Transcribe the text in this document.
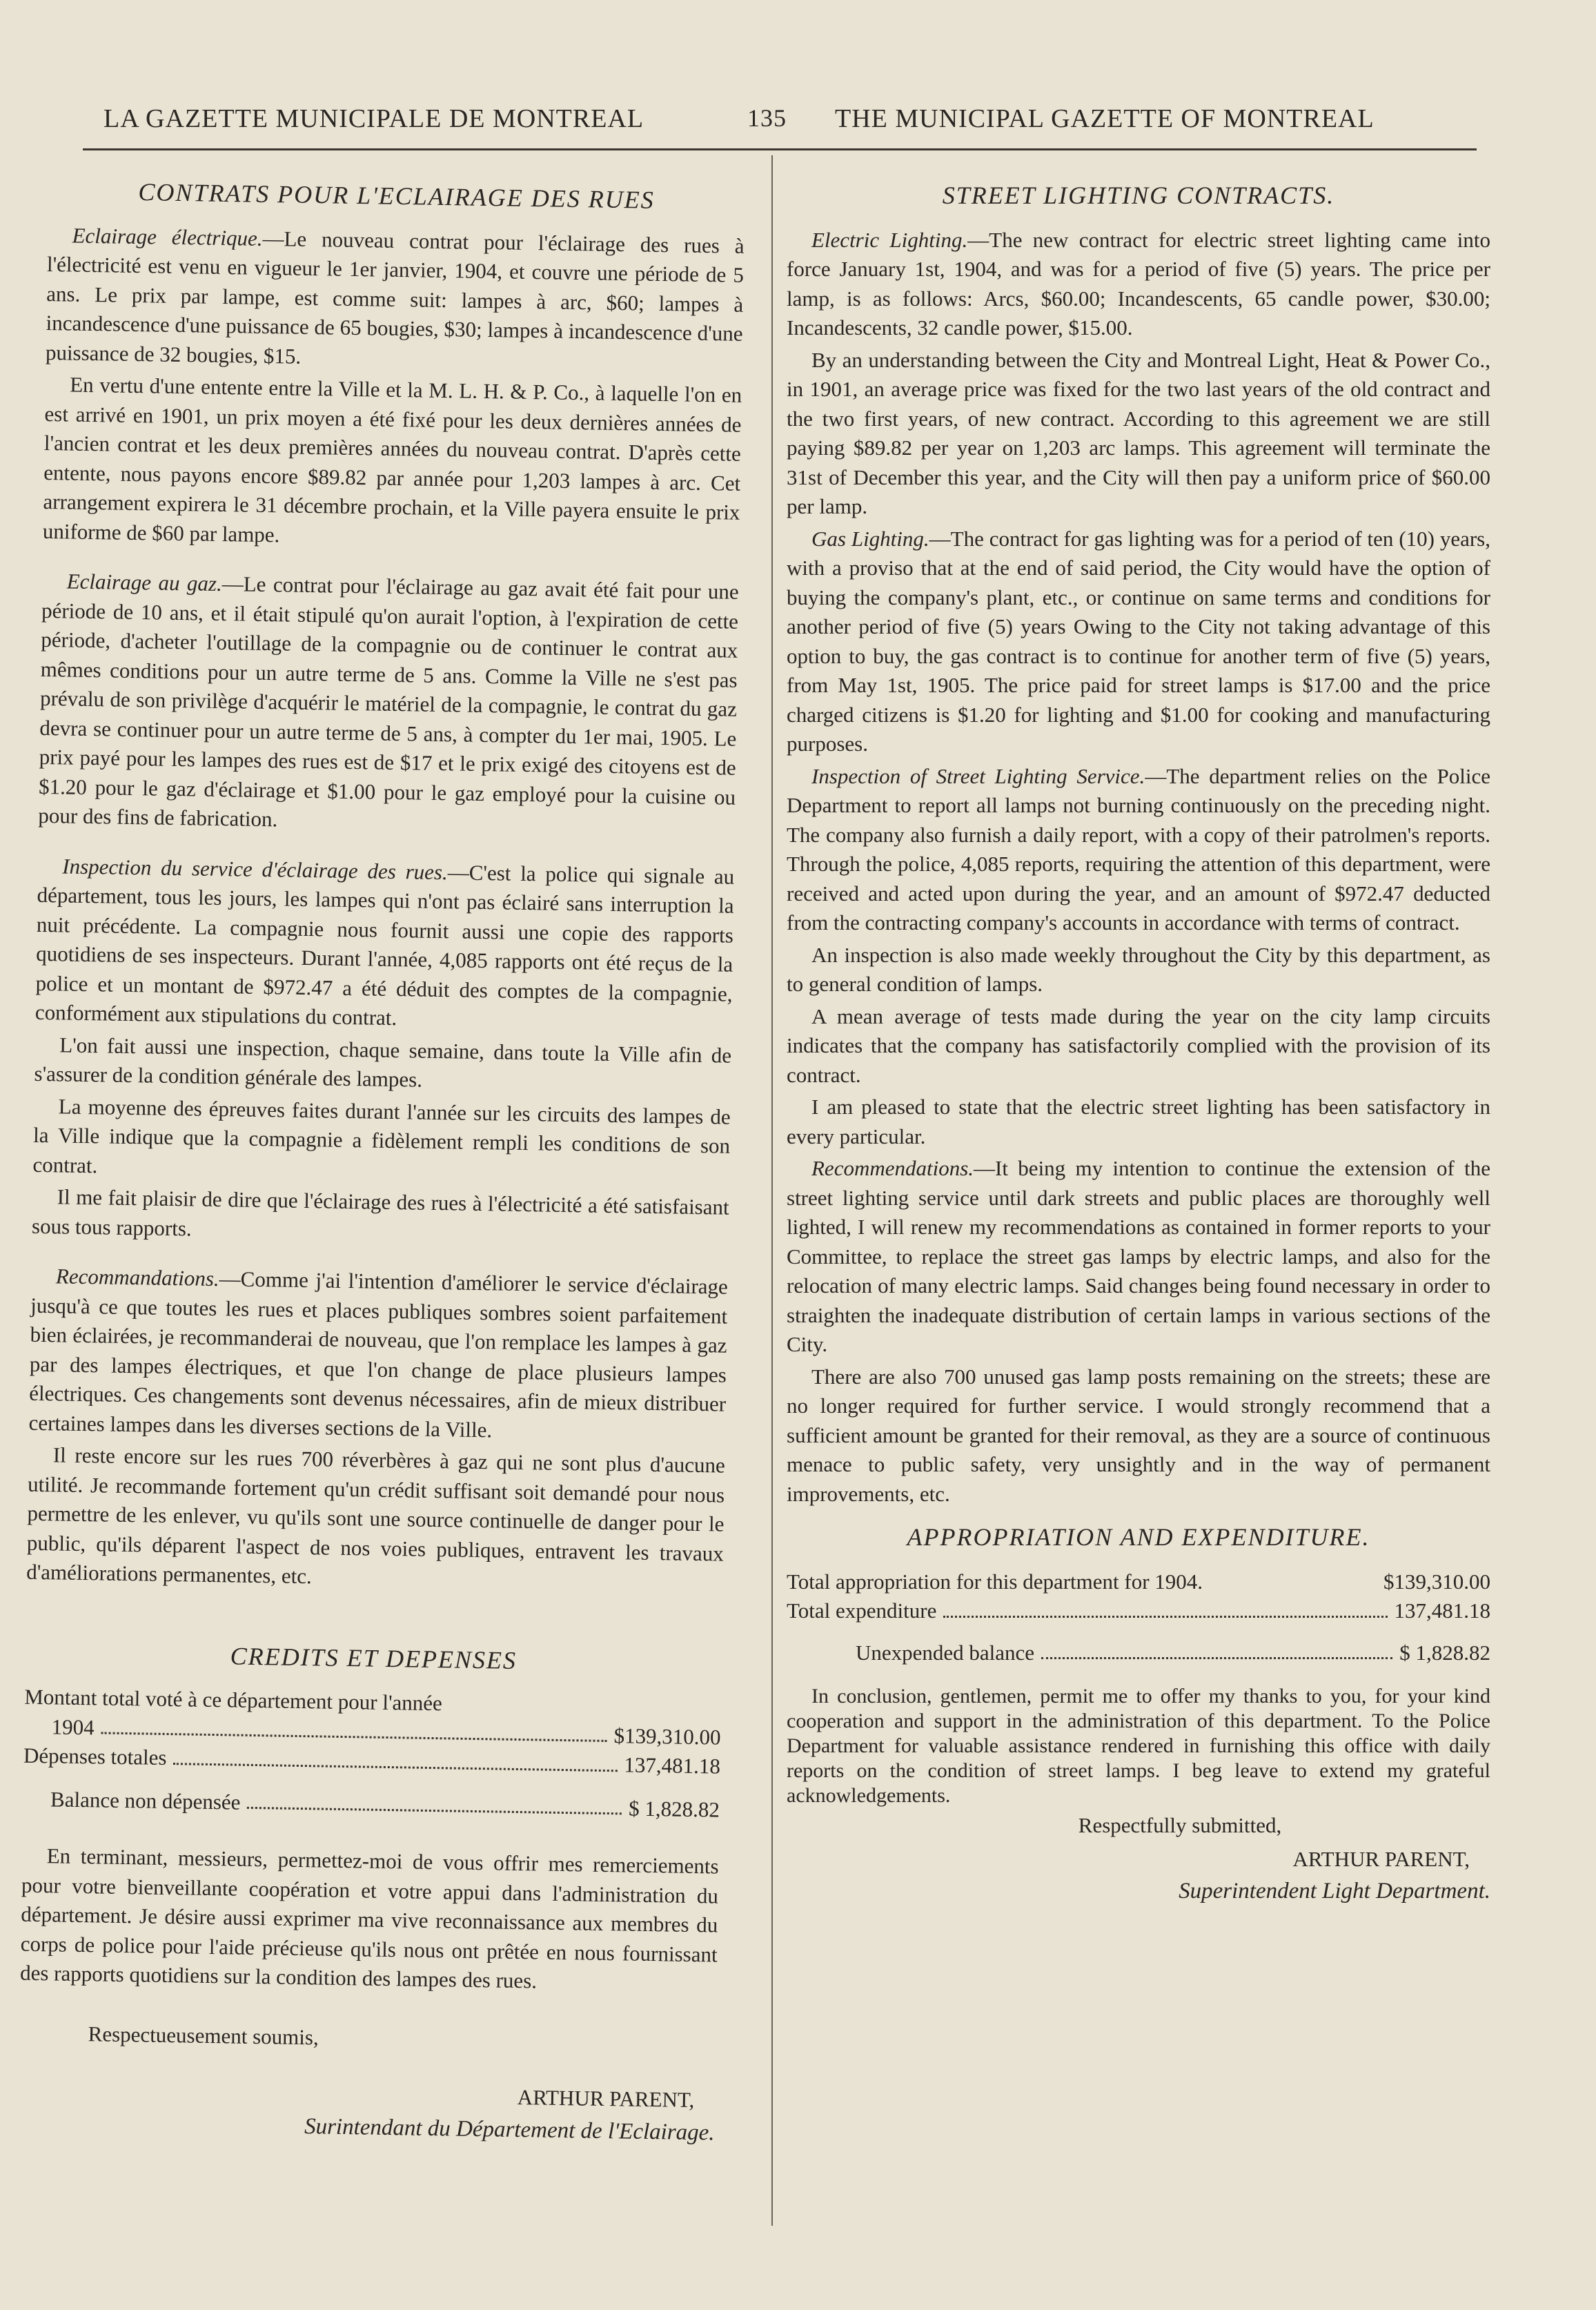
LA GAZETTE MUNICIPALE DE MONTREAL	135 THE MUNICIPAL GAZETTE OF MONTREAL
CONTRATS POUR L'ECLAIRAGE DES RUES

Eclairage électrique.—Le nouveau contrat pour l'éclairage des rues à l'électricité est venu en vigueur le 1er janvier, 1904, et couvre une période de 5 ans. Le prix par lampe, est comme suit: lampes à arc, $60; lampes à incandescence d'une puissance de 65 bougies, $30; lampes à incandescence d'une puissance de 32 bougies, $15.

En vertu d'une entente entre la Ville et la M. L. H. & P. Co., à laquelle l'on en est arrivé en 1901, un prix moyen a été fixé pour les deux dernières années de l'ancien contrat et les deux premières années du nouveau contrat. D'après cette entente, nous payons encore $89.82 par année pour 1,203 lampes à arc. Cet arrangement expirera le 31 décembre prochain, et la Ville payera ensuite le prix uniforme de $60 par lampe.

Eclairage au gaz.—Le contrat pour l'éclairage au gaz avait été fait pour une période de 10 ans, et il était stipulé qu'on aurait l'option, à l'expiration de cette période, d'acheter l'outillage de la compagnie ou de continuer le contrat aux mêmes conditions pour un autre terme de 5 ans. Comme la Ville ne s'est pas prévalu de son privilège d'acquérir le matériel de la compagnie, le contrat du gaz devra se continuer pour un autre terme de 5 ans, à compter du 1er mai, 1905. Le prix payé pour les lampes des rues est de $17 et le prix exigé des citoyens est de $1.20 pour le gaz d'éclairage et $1.00 pour le gaz employé pour la cuisine ou pour des fins de fabrication.

Inspection du service d'éclairage des rues.—C'est la police qui signale au département, tous les jours, les lampes qui n'ont pas éclairé sans interruption la nuit précédente. La compagnie nous fournit aussi une copie des rapports quotidiens de ses inspecteurs. Durant l'année, 4,085 rapports ont été reçus de la police et un montant de $972.47 a été déduit des comptes de la compagnie, conformément aux stipulations du contrat.

L'on fait aussi une inspection, chaque semaine, dans toute la Ville afin de s'assurer de la condition générale des lampes.

La moyenne des épreuves faites durant l'année sur les circuits des lampes de la Ville indique que la compagnie a fidèlement rempli les conditions de son contrat.

Il me fait plaisir de dire que l'éclairage des rues à l'électricité a été satisfaisant sous tous rapports.

Recommandations.—Comme j'ai l'intention d'améliorer le service d'éclairage jusqu'à ce que toutes les rues et places publiques sombres soient parfaitement bien éclairées, je recommanderai de nouveau, que l'on remplace les lampes à gaz par des lampes électriques, et que l'on change de place plusieurs lampes électriques. Ces changements sont devenus nécessaires, afin de mieux distribuer certaines lampes dans les diverses sections de la Ville.

Il reste encore sur les rues 700 réverbères à gaz qui ne sont plus d'aucune utilité. Je recommande fortement qu'un crédit suffisant soit demandé pour nous permettre de les enlever, vu qu'ils sont une source continuelle de danger pour le public, qu'ils déparent l'aspect de nos voies publiques, entravent les travaux d'améliorations permanentes, etc.

CREDITS ET DEPENSES

Montant total voté à ce département pour l'année

1904	$139,310.00
Dépenses totales	137,481.18
Balance non dépensée	$ 1,828.82

En terminant, messieurs, permettez-moi de vous offrir mes remerciements pour votre bienveillante coopération et votre appui dans l'administration du département. Je désire aussi exprimer ma vive reconnaissance aux membres du corps de police pour l'aide précieuse qu'ils nous ont prêtée en nous fournissant des rapports quotidiens sur la condition des lampes des rues.

Respectueusement soumis,

ARTHUR PARENT,

Surintendant du Département de l'Eclairage.

STREET LIGHTING CONTRACTS.

Electric Lighting.—The new contract for electric street lighting came into force January 1st, 1904, and was for a period of five (5) years. The price per lamp, is as follows: Arcs, $60.00; Incandescents, 65 candle power, $30.00; Incandescents, 32 candle power, $15.00.

By an understanding between the City and Montreal Light, Heat & Power Co., in 1901, an average price was fixed for the two last years of the old contract and the two first years, of new contract. According to this agreement we are still paying $89.82 per year on 1,203 arc lamps. This agreement will terminate the 31st of December this year, and the City will then pay a uniform price of $60.00 per lamp.

Gas Lighting.—The contract for gas lighting was for a period of ten (10) years, with a proviso that at the end of said period, the City would have the option of buying the company's plant, etc., or continue on same terms and conditions for another period of five (5) years Owing to the City not taking advantage of this option to buy, the gas contract is to continue for another term of five (5) years, from May 1st, 1905. The price paid for street lamps is $17.00 and the price charged citizens is $1.20 for lighting and $1.00 for cooking and manufacturing purposes.

Inspection of Street Lighting Service.—The department relies on the Police Department to report all lamps not burning continuously on the preceding night. The company also furnish a daily report, with a copy of their patrolmen's reports. Through the police, 4,085 reports, requiring the attention of this department, were received and acted upon during the year, and an amount of $972.47 deducted from the contracting company's accounts in accordance with terms of contract.

An inspection is also made weekly throughout the City by this department, as to general condition of lamps.

A mean average of tests made during the year on the city lamp circuits indicates that the company has satisfactorily complied with the provision of its contract.

I am pleased to state that the electric street lighting has been satisfactory in every particular.

Recommendations.—It being my intention to continue the extension of the street lighting service until dark streets and public places are thoroughly well lighted, I will renew my recommendations as contained in former reports to your Committee, to replace the street gas lamps by electric lamps, and also for the relocation of many electric lamps. Said changes being found necessary in order to straighten the inadequate distribution of certain lamps in various sections of the City.

There are also 700 unused gas lamp posts remaining on the streets; these are no longer required for further service. I would strongly recommend that a sufficient amount be granted for their removal, as they are a source of continuous menace to public safety, very unsightly and in the way of permanent improvements, etc.

APPROPRIATION AND EXPENDITURE.
Total appropriation for this department for 1904.	$139,310.00
Total expenditure	137,481.18
Unexpended balance	$ 1,828.82

In conclusion, gentlemen, permit me to offer my thanks to you, for your kind cooperation and support in the administration of this department. To the Police Department for valuable assistance rendered in furnishing this office with daily reports on the condition of street lamps. I beg leave to extend my grateful acknowledgements.

Respectfully submitted,

ARTHUR PARENT,

Superintendent Light Department.
